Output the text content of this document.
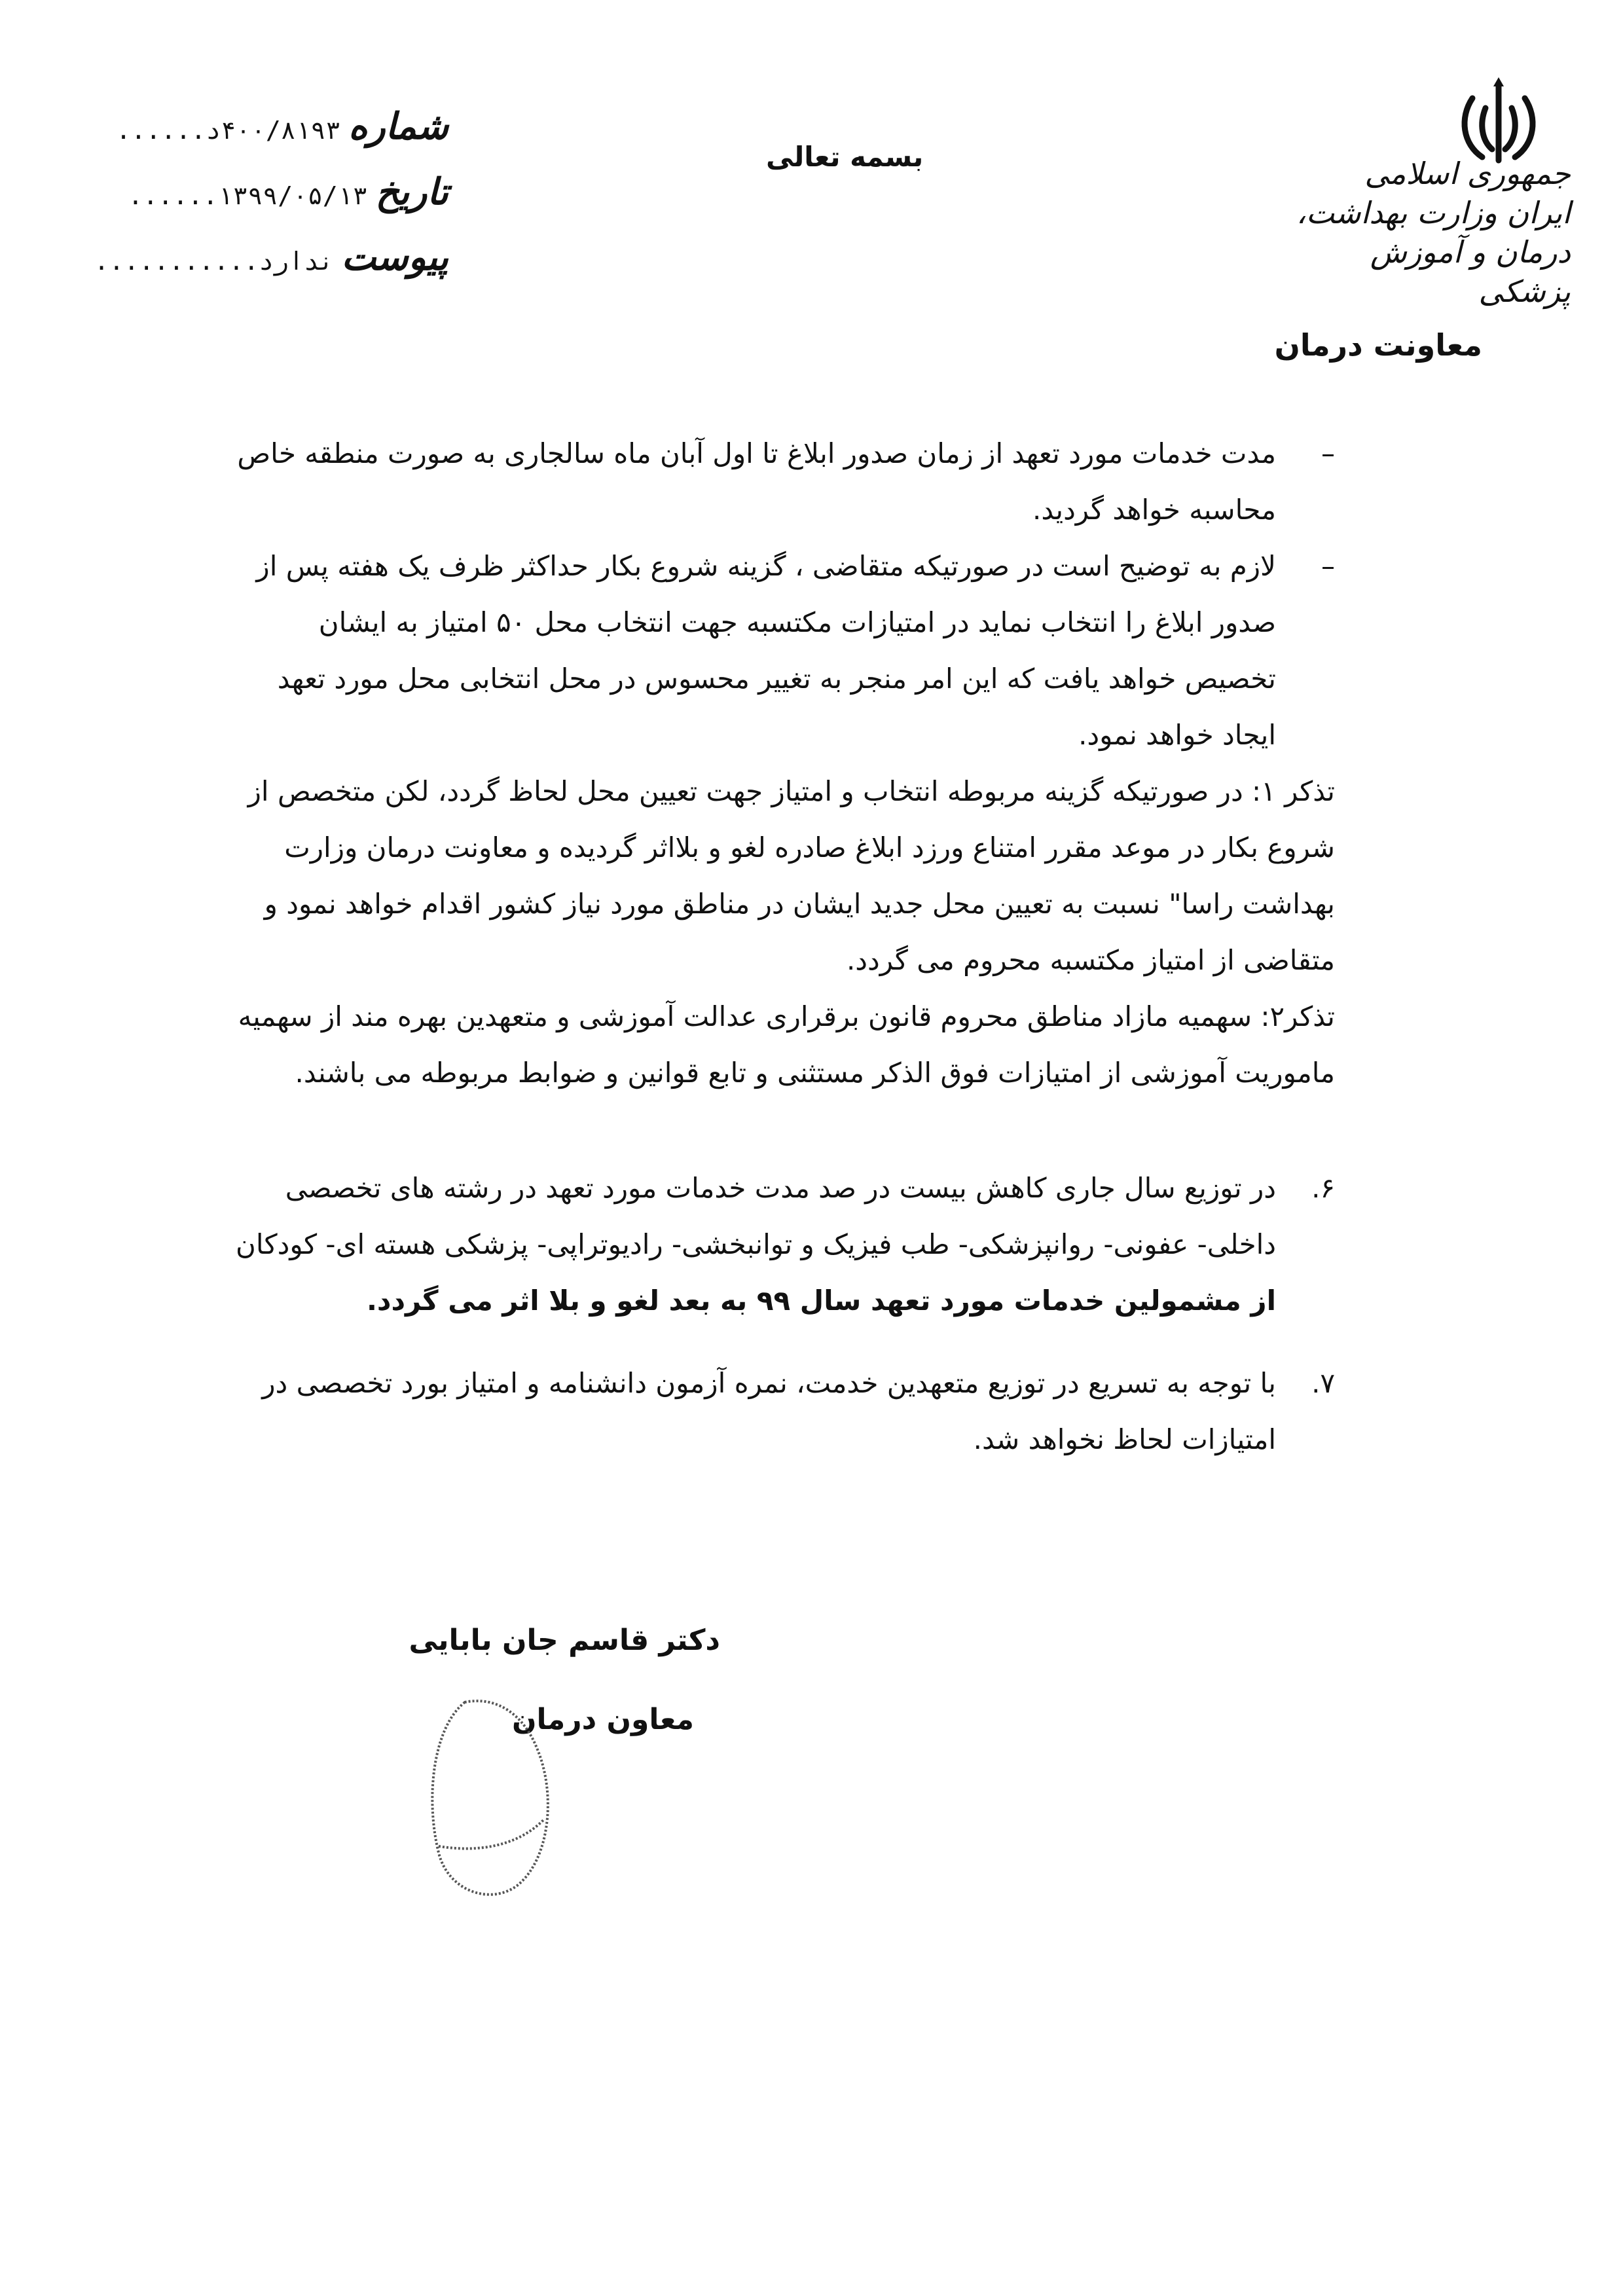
جمهوری اسلامی ایران وزارت بهداشت، درمان و آموزش پزشکی
معاونت درمان
بسمه تعالی
شماره
۴۰۰/۸۱۹۳د......
تاریخ
۱۳۹۹/۰۵/۱۳......
پیوست
ندارد...........
–
مدت خدمات مورد تعهد از زمان صدور ابلاغ تا اول آبان ماه سالجاری به صورت منطقه خاص محاسبه خواهد گردید.
–
لازم به توضیح است در صورتیکه متقاضی ، گزینه شروع بکار حداکثر ظرف یک هفته پس از صدور ابلاغ را انتخاب نماید در امتیازات مکتسبه جهت انتخاب محل ۵۰ امتیاز به ایشان تخصیص خواهد یافت که این امر منجر به تغییر محسوس در محل انتخابی محل مورد تعهد ایجاد خواهد نمود.

تذکر ۱: در صورتیکه گزینه مربوطه انتخاب و امتیاز جهت تعیین محل لحاظ گردد، لکن متخصص از شروع بکار در موعد مقرر امتناع ورزد ابلاغ صادره لغو و بلااثر گردیده و معاونت درمان وزارت بهداشت راسا" نسبت به تعیین محل جدید ایشان در مناطق مورد نیاز کشور اقدام خواهد نمود و متقاضی از امتیاز مکتسبه محروم می گردد.

تذکر۲: سهمیه مازاد مناطق محروم قانون برقراری عدالت آموزشی و متعهدین بهره مند از سهمیه ماموریت آموزشی از امتیازات فوق الذکر مستثنی و تابع قوانین و ضوابط مربوطه می باشند.

۶.
در توزیع سال جاری کاهش بیست در صد مدت خدمات مورد تعهد در رشته های تخصصی داخلی- عفونی- روانپزشکی- طب فیزیک و توانبخشی- رادیوتراپی- پزشکی هسته ای- کودکان از مشمولین خدمات مورد تعهد سال ۹۹ به بعد لغو و بلا اثر می گردد.
۷.
با توجه به تسریع در توزیع متعهدین خدمت، نمره آزمون دانشنامه و امتیاز بورد تخصصی در امتیازات لحاظ نخواهد شد.
دکتر قاسم جان بابایی
معاون درمان
